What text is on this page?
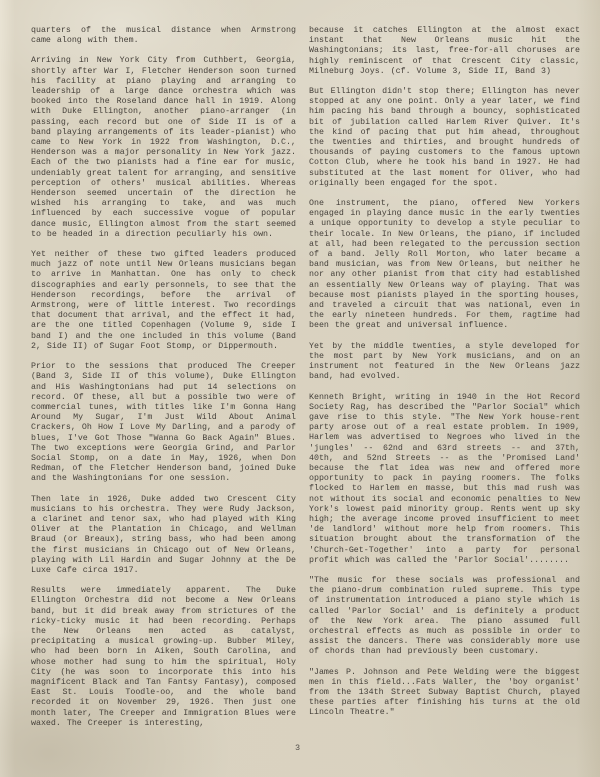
quarters of the musical distance when Armstrong came along with them.

Arriving in New York City from Cuthbert, Georgia, shortly after War I, Fletcher Henderson soon turned his facility at piano playing and arranging to leadership of a large dance orchestra which was booked into the Roseland dance hall in 1919. Along with Duke Ellington, another piano-arranger (in passing, each record but one of Side II is of a band playing arrangements of its leader-pianist) who came to New York in 1922 from Washington, D.C., Henderson was a major personality in New York jazz. Each of the two pianists had a fine ear for music, undeniably great talent for arranging, and sensitive perception of others' musical abilities. Whereas Henderson seemed uncertain of the direction he wished his arranging to take, and was much influenced by each successive vogue of popular dance music, Ellington almost from the start seemed to be headed in a direction peculiarly his own.

Yet neither of these two gifted leaders produced much jazz of note until New Orleans musicians began to arrive in Manhattan. One has only to check discographies and early personnels, to see that the Henderson recordings, before the arrival of Armstrong, were of little interest. Two recordings that document that arrival, and the effect it had, are the one titled Copenhagen (Volume 9, side I band I) and the one included in this volume (Band 2, Side II) of Sugar Foot Stomp, or Dippermouth.

Prior to the sessions that produced The Creeper (Band 3, Side II of this volume), Duke Ellington and His Washingtonians had put 14 selections on record. Of these, all but a possible two were of commercial tunes, with titles like I'm Gonna Hang Around My Sugar, I'm Just Wild About Animal Crackers, Oh How I Love My Darling, and a parody of blues, I've Got Those "Wanna Go Back Again" Blues. The two exceptions were Georgia Grind, and Parlor Social Stomp, on a date in May, 1926, when Don Redman, of the Fletcher Henderson band, joined Duke and the Washingtonians for one session.

Then late in 1926, Duke added two Crescent City musicians to his orchestra. They were Rudy Jackson, a clarinet and tenor sax, who had played with King Oliver at the Plantation in Chicago, and Wellman Braud (or Breaux), string bass, who had been among the first musicians in Chicago out of New Orleans, playing with Lil Hardin and Sugar Johnny at the De Luxe Cafe circa 1917.

Results were immediately apparent. The Duke Ellington Orchestra did not become a New Orleans band, but it did break away from strictures of the ricky-ticky music it had been recording. Perhaps the New Orleans men acted as catalyst, precipitating a musical growing-up. Bubber Miley, who had been born in Aiken, South Carolina, and whose mother had sung to him the spiritual, Holy City (he was soon to incorporate this into his magnificent Black and Tan Fantsy Fantasy), composed East St. Louis Toodle-oo, and the whole band recorded it on November 29, 1926. Then just one month later, The Creeper and Immigration Blues were waxed. The Creeper is interesting,

because it catches Ellington at the almost exact instant that New Orleans music hit the Washingtonians; its last, free-for-all choruses are highly reminiscent of that Crescent City classic, Milneburg Joys. (cf. Volume 3, Side II, Band 3)

But Ellington didn't stop there; Ellington has never stopped at any one point. Only a year later, we find him pacing his band through a bouncy, sophisticated bit of jubilation called Harlem River Quiver. It's the kind of pacing that put him ahead, throughout the twenties and thirties, and brought hundreds of thousands of paying customers to the famous uptown Cotton Club, where he took his band in 1927. He had substituted at the last moment for Oliver, who had originally been engaged for the spot.

One instrument, the piano, offered New Yorkers engaged in playing dance music in the early twenties a unique opportunity to develop a style peculiar to their locale. In New Orleans, the piano, if included at all, had been relegated to the percussion section of a band. Jelly Roll Morton, who later became a band musician, was from New Orleans, but neither he nor any other pianist from that city had established an essentially New Orleans way of playing. That was because most pianists played in the sporting houses, and traveled a circuit that was national, even in the early nineteen hundreds. For them, ragtime had been the great and universal influence.

Yet by the middle twenties, a style developed for the most part by New York musicians, and on an instrument not featured in the New Orleans jazz band, had evolved.

Kenneth Bright, writing in 1940 in the Hot Record Society Rag, has described the "Parlor Social" which gave rise to this style. "The New York house-rent party arose out of a real estate problem. In 1909, Harlem was advertised to Negroes who lived in the 'jungles' -- 62nd and 63rd streets -- and 37th, 40th, and 52nd Streets -- as the 'Promised Land' because the flat idea was new and offered more opportunity to pack in paying roomers. The folks flocked to Harlem en masse, but this mad rush was not without its social and economic penalties to New York's lowest paid minority group. Rents went up sky high; the average income proved insufficient to meet 'de landlord' without more help from roomers. This situation brought about the transformation of the 'Church-Get-Together' into a party for personal profit which was called the 'Parlor Social'........

"The music for these socials was professional and the piano-drum combination ruled supreme. This type of instrumentation introduced a piano style which is called 'Parlor Social' and is definitely a product of the New York area. The piano assumed full orchestral effects as much as possible in order to assist the dancers. There was considerably more use of chords than had previously been customary.

"James P. Johnson and Pete Welding were the biggest men in this field...Fats Waller, the 'boy organist' from the 134th Street Subway Baptist Church, played these parties after finishing his turns at the old Lincoln Theatre."

3
